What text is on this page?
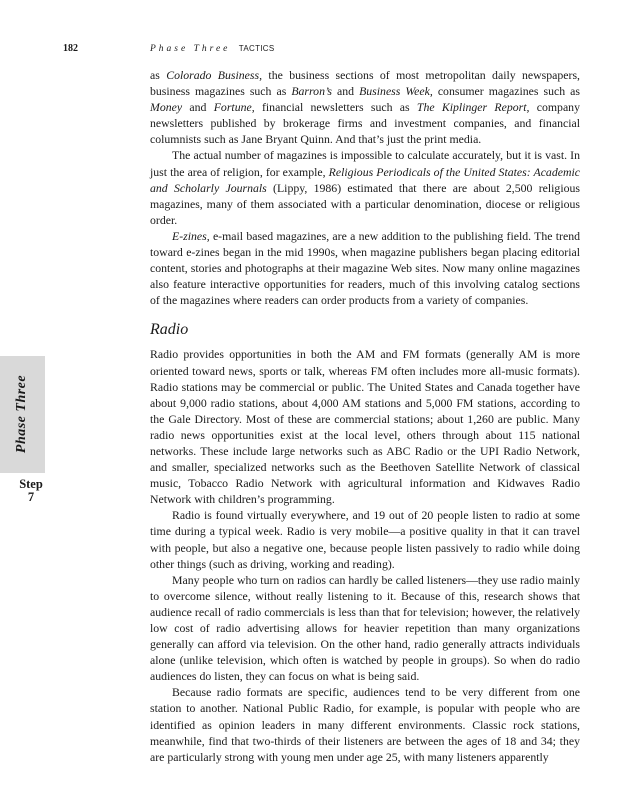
182	Phase Three TACTICS
Phase Three
Step
7

as Colorado Business, the business sections of most metropolitan daily newspapers, business magazines such as Barron’s and Business Week, consumer magazines such as Money and Fortune, financial newsletters such as The Kiplinger Report, company newsletters published by brokerage firms and investment companies, and financial columnists such as Jane Bryant Quinn. And that’s just the print media.

The actual number of magazines is impossible to calculate accurately, but it is vast. In just the area of religion, for example, Religious Periodicals of the United States: Academic and Scholarly Journals (Lippy, 1986) estimated that there are about 2,500 religious magazines, many of them associated with a particular denomination, diocese or religious order.

E-zines, e-mail based magazines, are a new addition to the publishing field. The trend toward e-zines began in the mid 1990s, when magazine publishers began placing editorial content, stories and photographs at their magazine Web sites. Now many online magazines also feature interactive opportunities for readers, much of this involving catalog sections of the magazines where readers can order products from a variety of companies.

Radio

Radio provides opportunities in both the AM and FM formats (generally AM is more oriented toward news, sports or talk, whereas FM often includes more all-music formats). Radio stations may be commercial or public. The United States and Canada together have about 9,000 radio stations, about 4,000 AM stations and 5,000 FM stations, according to the Gale Directory. Most of these are commercial stations; about 1,260 are public. Many radio news opportunities exist at the local level, others through about 115 national networks. These include large networks such as ABC Radio or the UPI Radio Network, and smaller, specialized networks such as the Beethoven Satellite Network of classical music, Tobacco Radio Network with agricultural information and Kidwaves Radio Network with children’s programming.

Radio is found virtually everywhere, and 19 out of 20 people listen to radio at some time during a typical week. Radio is very mobile—a positive quality in that it can travel with people, but also a negative one, because people listen passively to radio while doing other things (such as driving, working and reading).

Many people who turn on radios can hardly be called listeners—they use radio mainly to overcome silence, without really listening to it. Because of this, research shows that audience recall of radio commercials is less than that for television; however, the relatively low cost of radio advertising allows for heavier repetition than many organizations generally can afford via television. On the other hand, radio generally attracts individuals alone (unlike television, which often is watched by people in groups). So when do radio audiences do listen, they can focus on what is being said.

Because radio formats are specific, audiences tend to be very different from one station to another. National Public Radio, for example, is popular with people who are identified as opinion leaders in many different environments. Classic rock stations, meanwhile, find that two-thirds of their listeners are between the ages of 18 and 34; they are particularly strong with young men under age 25, with many listeners apparently
